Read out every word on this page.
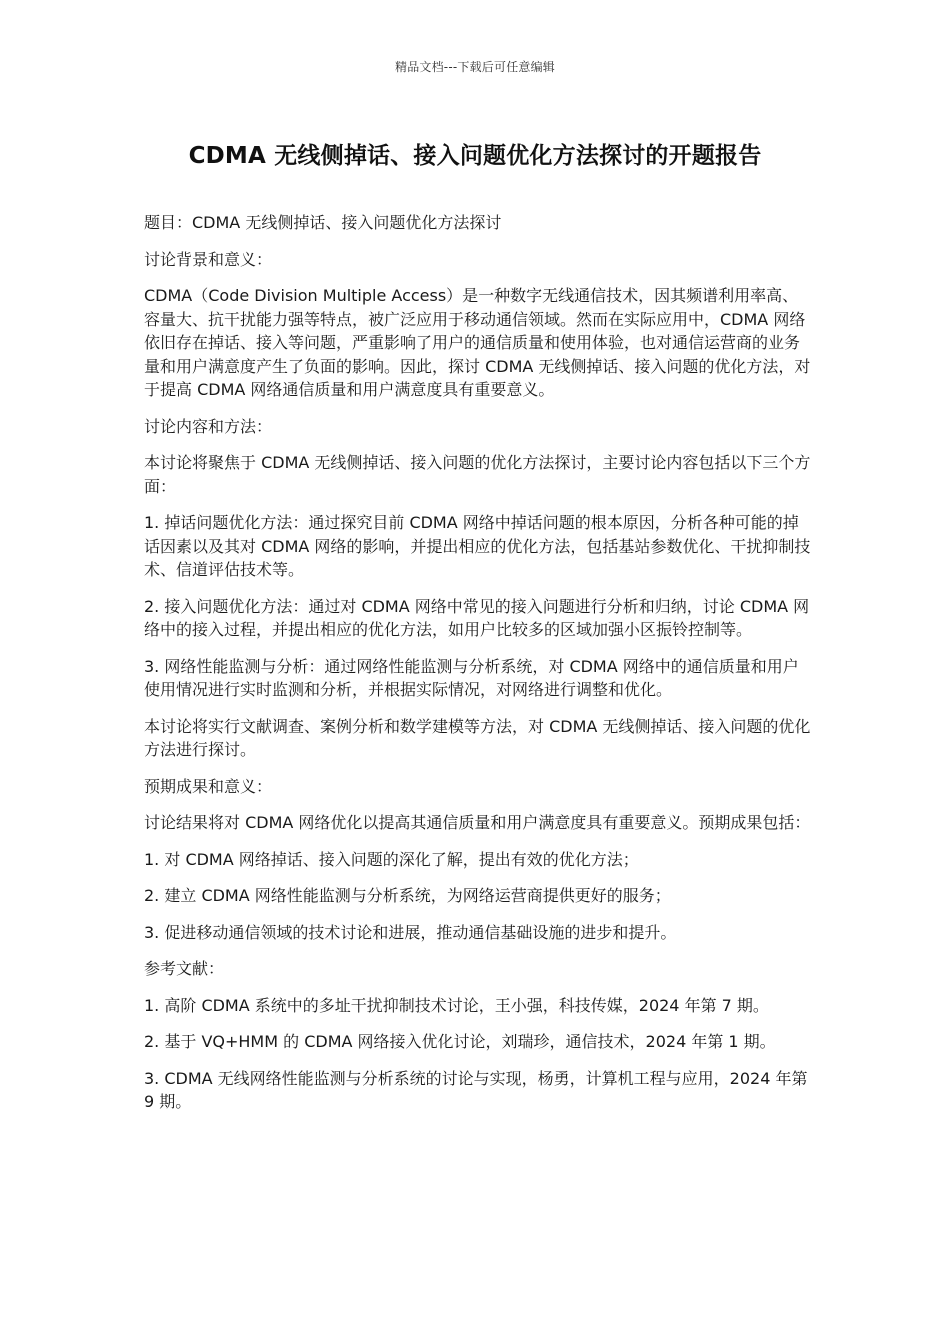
精品文档---下载后可任意编辑
CDMA 无线侧掉话、接入问题优化方法探讨的开题报告

题目：CDMA 无线侧掉话、接入问题优化方法探讨

讨论背景和意义：

CDMA（Code Division Multiple Access）是一种数字无线通信技术，因其频谱利用率高、容量大、抗干扰能力强等特点，被广泛应用于移动通信领域。然而在实际应用中，CDMA 网络依旧存在掉话、接入等问题，严重影响了用户的通信质量和使用体验，也对通信运营商的业务量和用户满意度产生了负面的影响。因此，探讨 CDMA 无线侧掉话、接入问题的优化方法，对于提高 CDMA 网络通信质量和用户满意度具有重要意义。

讨论内容和方法：

本讨论将聚焦于 CDMA 无线侧掉话、接入问题的优化方法探讨，主要讨论内容包括以下三个方面：

1. 掉话问题优化方法：通过探究目前 CDMA 网络中掉话问题的根本原因，分析各种可能的掉话因素以及其对 CDMA 网络的影响，并提出相应的优化方法，包括基站参数优化、干扰抑制技术、信道评估技术等。

2. 接入问题优化方法：通过对 CDMA 网络中常见的接入问题进行分析和归纳，讨论 CDMA 网络中的接入过程，并提出相应的优化方法，如用户比较多的区域加强小区振铃控制等。

3. 网络性能监测与分析：通过网络性能监测与分析系统，对 CDMA 网络中的通信质量和用户使用情况进行实时监测和分析，并根据实际情况，对网络进行调整和优化。

本讨论将实行文献调查、案例分析和数学建模等方法，对 CDMA 无线侧掉话、接入问题的优化方法进行探讨。

预期成果和意义：

讨论结果将对 CDMA 网络优化以提高其通信质量和用户满意度具有重要意义。预期成果包括：

1. 对 CDMA 网络掉话、接入问题的深化了解，提出有效的优化方法；

2. 建立 CDMA 网络性能监测与分析系统，为网络运营商提供更好的服务；

3. 促进移动通信领域的技术讨论和进展，推动通信基础设施的进步和提升。

参考文献：

1. 高阶 CDMA 系统中的多址干扰抑制技术讨论，王小强，科技传媒，2024 年第 7 期。

2. 基于 VQ+HMM 的 CDMA 网络接入优化讨论，刘瑞珍，通信技术，2024 年第 1 期。

3. CDMA 无线网络性能监测与分析系统的讨论与实现，杨勇，计算机工程与应用，2024 年第 9 期。
